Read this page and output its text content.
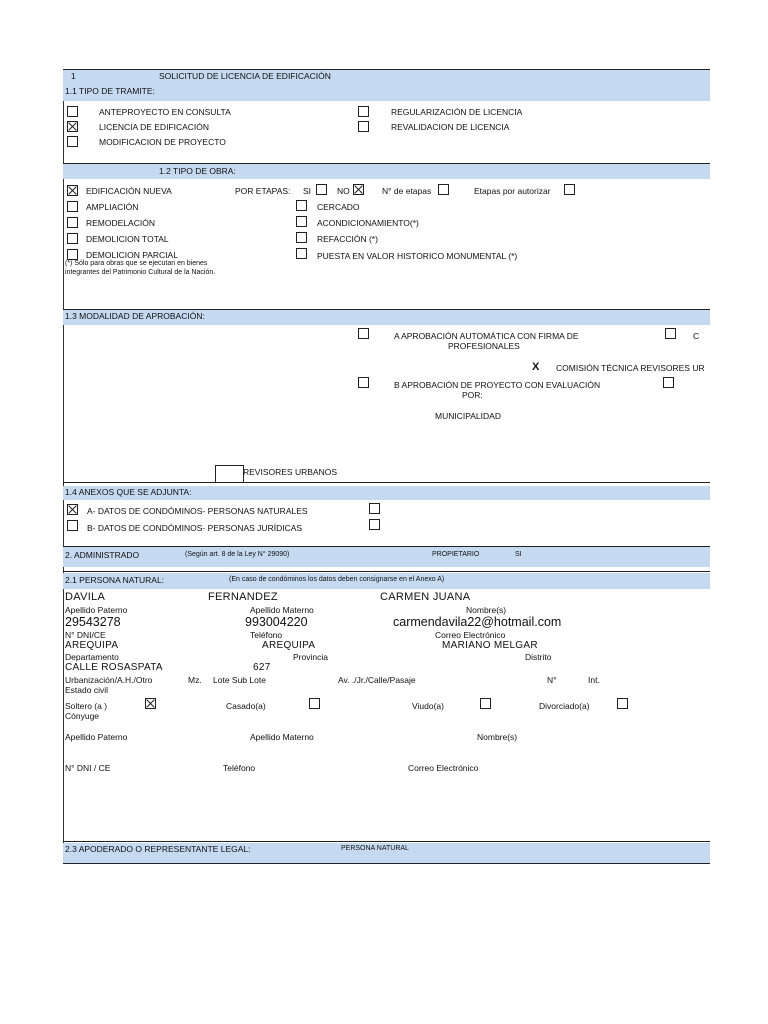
1	SOLICITUD DE LICENCIA DE EDIFICACIÓN
1.1 TIPO DE TRAMITE:
ANTEPROYECTO EN CONSULTA
LICENCIA DE EDIFICACIÓN
MODIFICACION DE PROYECTO
REGULARIZACIÓN DE LICENCIA
REVALIDACION DE LICENCIA
1.2 TIPO DE OBRA:
EDIFICACIÓN NUEVA	POR ETAPAS: SI	NO	N° de etapas	Etapas por autorizar
AMPLIACIÓN
REMODELACIÓN
DEMOLICION TOTAL
DEMOLICION PARCIAL
(*) Sólo para obras que se ejecutan en bienes
integrantes del Patrimonio Cultural de la Nación.
CERCADO
ACONDICIONAMIENTO(*)
REFACCIÓN (*)
PUESTA EN VALOR HISTORICO MONUMENTAL (*)
1.3 MODALIDAD DE APROBACIÓN:
A APROBACIÓN AUTOMÁTICA CON FIRMA DE
PROFESIONALES
C
X COMISIÓN TÉCNICA REVISORES UR
B APROBACIÓN DE PROYECTO CON EVALUACIÓN
POR:
MUNICIPALIDAD
REVISORES URBANOS
1.4 ANEXOS QUE SE ADJUNTA:
A- DATOS DE CONDÓMINOS- PERSONAS NATURALES
B- DATOS DE CONDÓMINOS- PERSONAS JURÍDICAS
2. ADMINISTRADO	(Según art. 8 de la Ley N° 29090)	PROPIETARIO	SI
2.1 PERSONA NATURAL:	(En caso de condóminos los datos deben consignarse en el Anexo A)
DAVILA	FERNANDEZ	CARMEN JUANA
Apellido Paterno	Apellido Materno	Nombre(s)
29543278	993004220	carmendavila22@hotmail.com
N° DNI/CE	Teléfono	Correo Electrónico
AREQUIPA	AREQUIPA	MARIANO MELGAR
Departamento	Provincia	Distrito
CALLE ROSASPATA	627
Urbanización/A.H./Otro	Mz. Lote Sub Lote	Av. ./Jr./Calle/Pasaje	N°	Int.
Estado civil
Soltero (a )	Casado(a)	Viudo(a)	Divorciado(a)
Cónyuge
Apellido Paterno	Apellido Materno	Nombre(s)
N° DNI / CE	Teléfono	Correo Electrónico
2.3 APODERADO O REPRESENTANTE LEGAL:	PERSONA NATURAL
